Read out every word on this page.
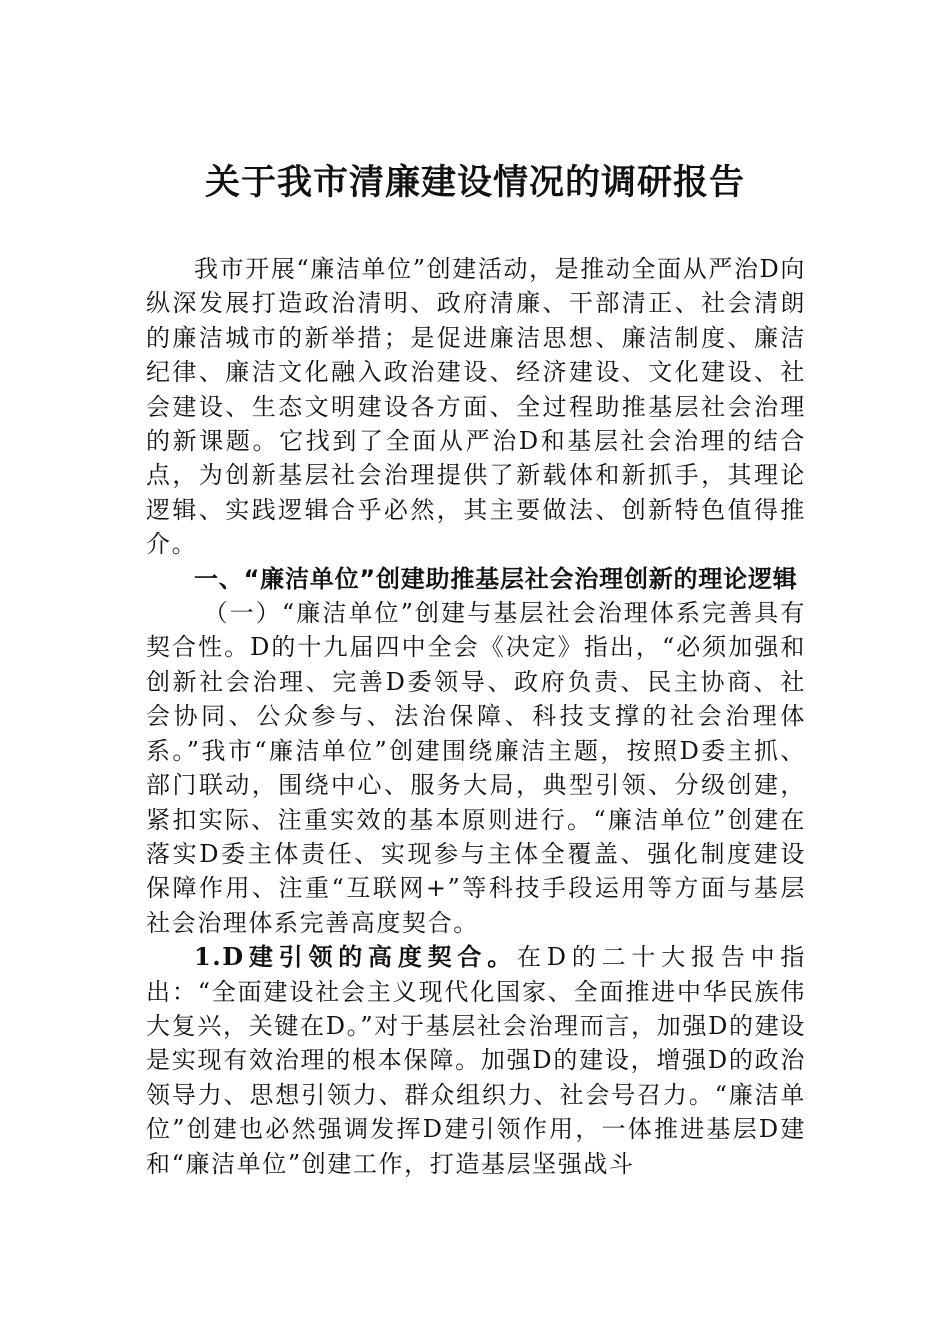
关于我市清廉建设情况的调研报告

我市开展“廉洁单位”创建活动，是推动全面从严治D向纵深发展打造政治清明、政府清廉、干部清正、社会清朗的廉洁城市的新举措；是促进廉洁思想、廉洁制度、廉洁纪律、廉洁文化融入政治建设、经济建设、文化建设、社会建设、生态文明建设各方面、全过程助推基层社会治理的新课题。它找到了全面从严治D和基层社会治理的结合点，为创新基层社会治理提供了新载体和新抓手，其理论逻辑、实践逻辑合乎必然，其主要做法、创新特色值得推介。

一、“廉洁单位”创建助推基层社会治理创新的理论逻辑

（一）“廉洁单位”创建与基层社会治理体系完善具有契合性。D的十九届四中全会《决定》指出，“必须加强和创新社会治理、完善D委领导、政府负责、民主协商、社会协同、公众参与、法治保障、科技支撑的社会治理体系。”我市“廉洁单位”创建围绕廉洁主题，按照D委主抓、部门联动，围绕中心、服务大局，典型引领、分级创建，紧扣实际、注重实效的基本原则进行。“廉洁单位”创建在落实D委主体责任、实现参与主体全覆盖、强化制度建设保障作用、注重“互联网+”等科技手段运用等方面与基层社会治理体系完善高度契合。

1.D建引领的高度契合。在D的二十大报告中指出：“全面建设社会主义现代化国家、全面推进中华民族伟大复兴，关键在D。”对于基层社会治理而言，加强D的建设是实现有效治理的根本保障。加强D的建设，增强D的政治领导力、思想引领力、群众组织力、社会号召力。“廉洁单位”创建也必然强调发挥D建引领作用，一体推进基层D建和“廉洁单位”创建工作，打造基层坚强战斗
